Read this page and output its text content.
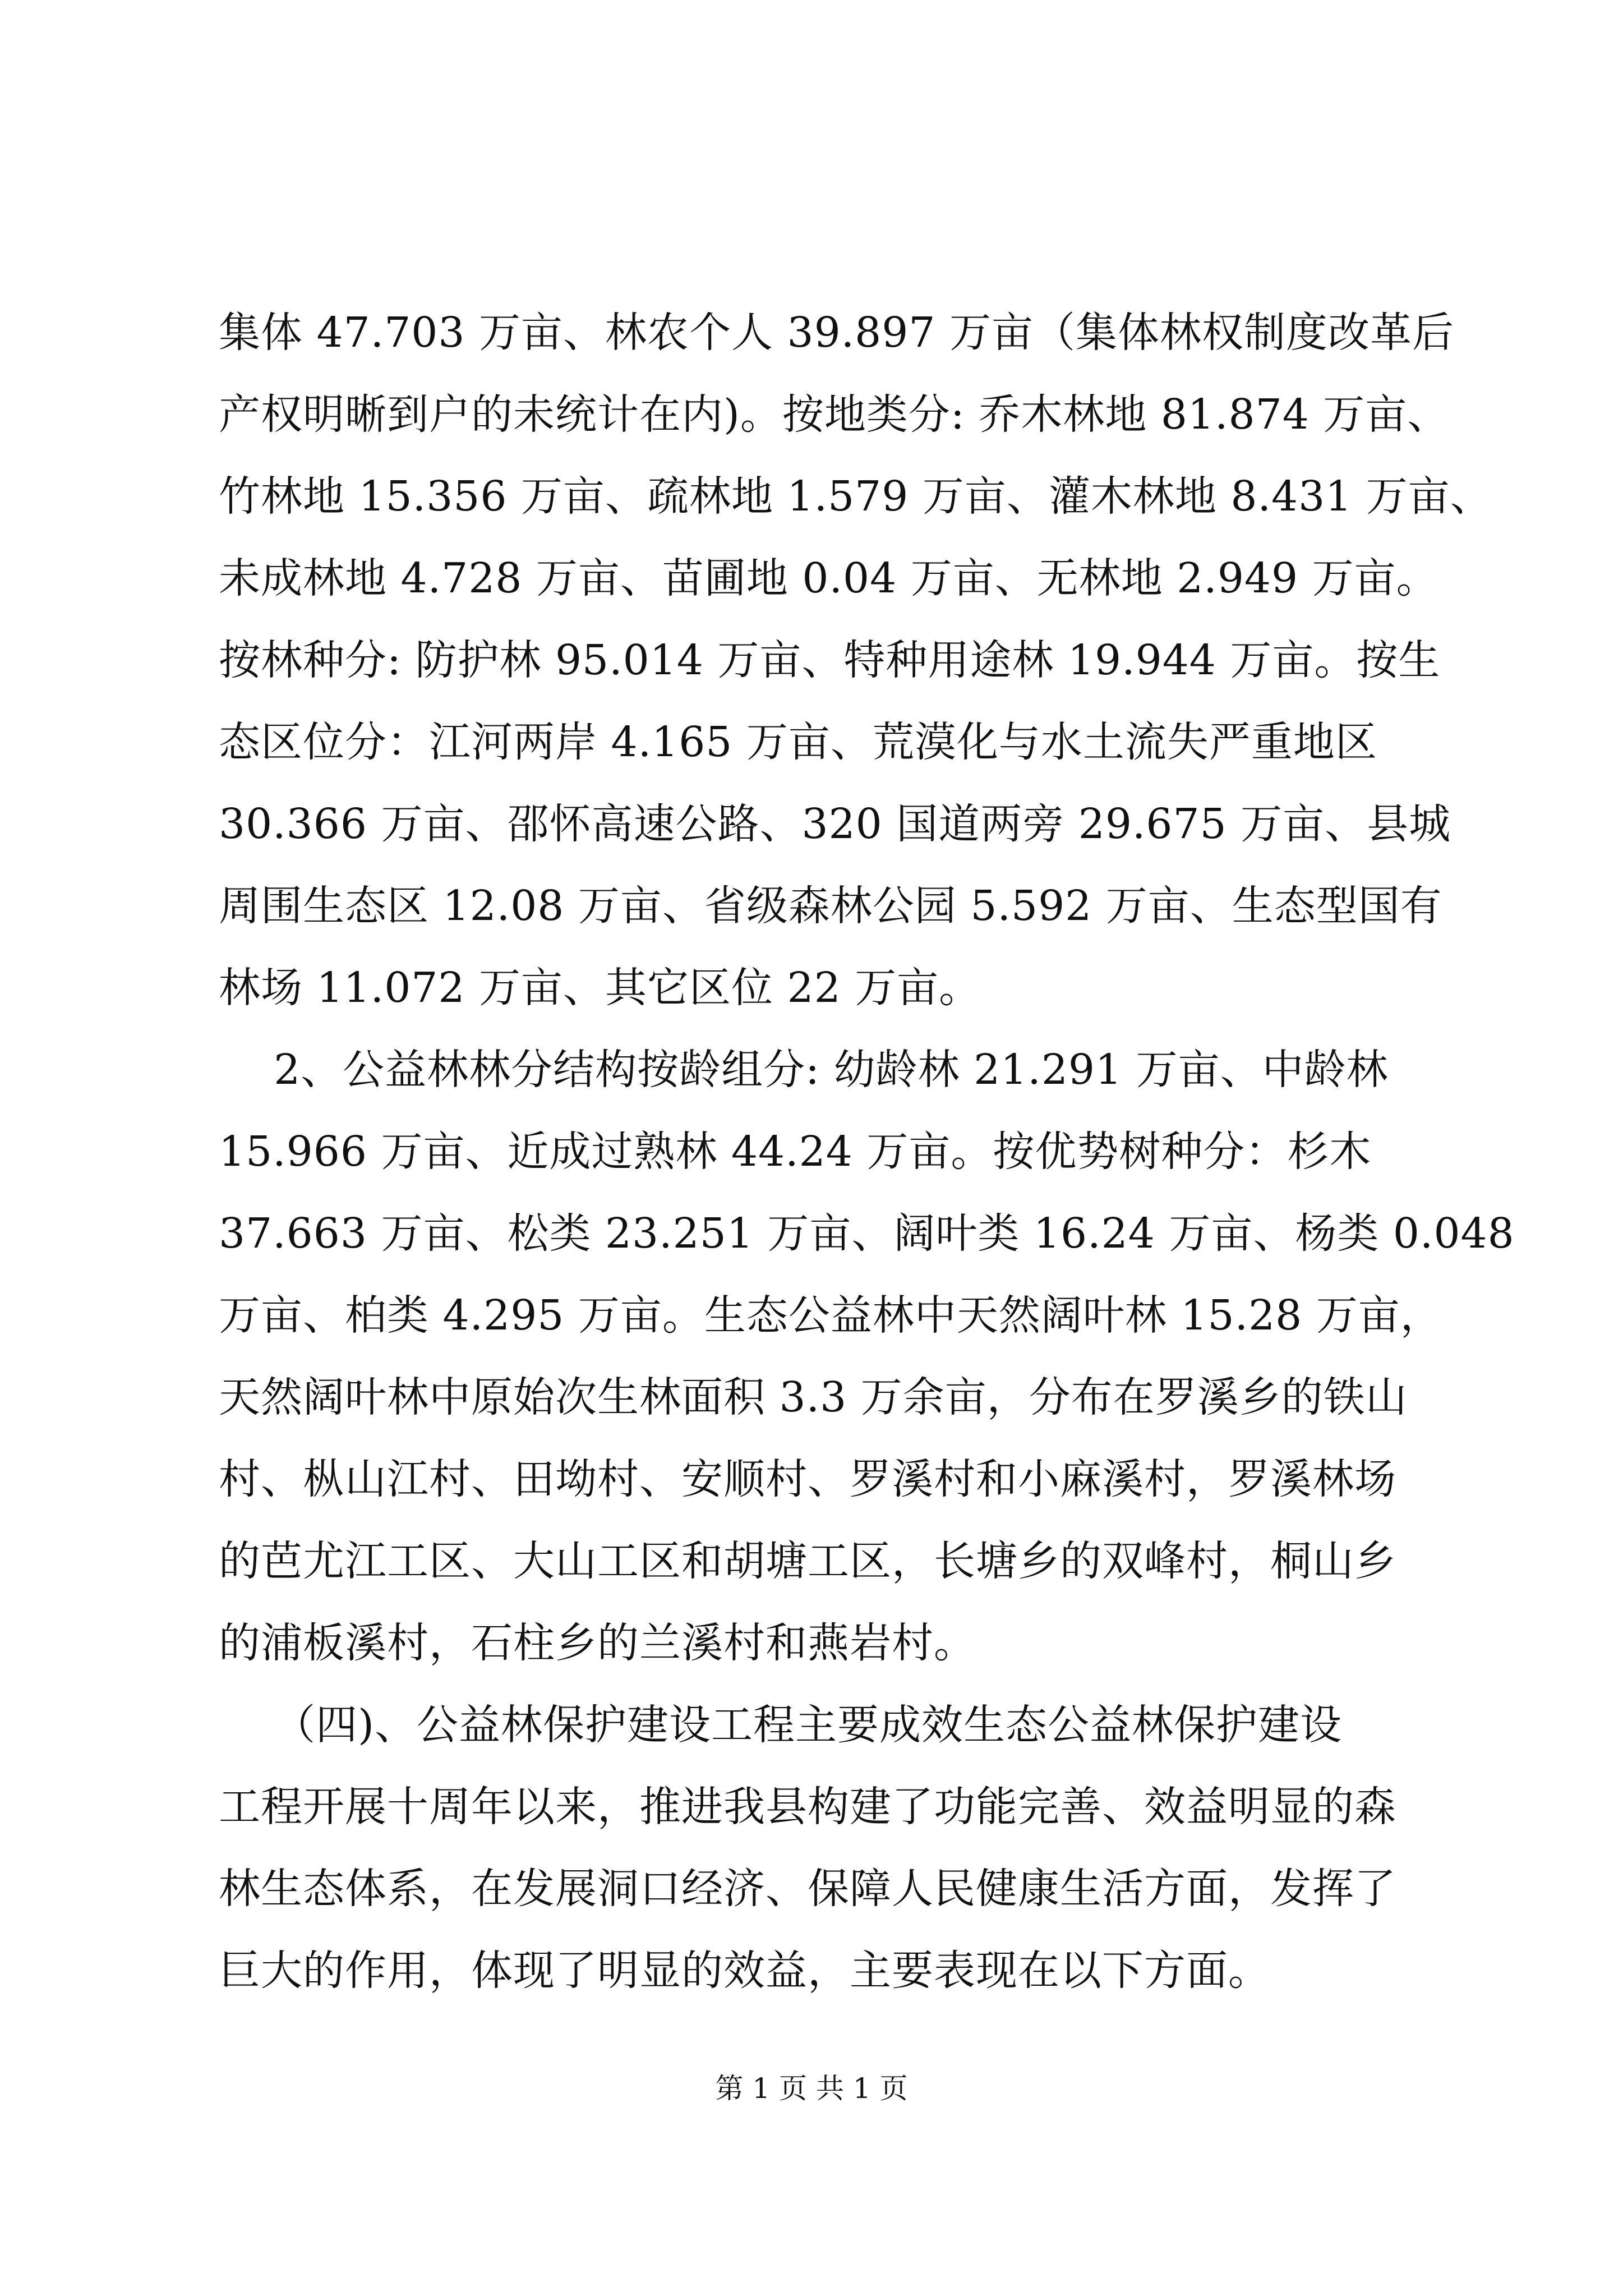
集体 47.703 万亩、林农个人 39.897 万亩（集体林权制度改革后
产权明晰到户的未统计在内)。按地类分: 乔木林地 81.874 万亩、
竹林地 15.356 万亩、疏林地 1.579 万亩、灌木林地 8.431 万亩、
未成林地 4.728 万亩、苗圃地 0.04 万亩、无林地 2.949 万亩。
按林种分: 防护林 95.014 万亩、特种用途林 19.944 万亩。按生
态区位分：江河两岸 4.165 万亩、荒漠化与水土流失严重地区
30.366 万亩、邵怀高速公路、320 国道两旁 29.675 万亩、县城
周围生态区 12.08 万亩、省级森林公园 5.592 万亩、生态型国有
林场 11.072 万亩、其它区位 22 万亩。
2、公益林林分结构按龄组分: 幼龄林 21.291 万亩、中龄林
15.966 万亩、近成过熟林 44.24 万亩。按优势树种分：杉木
37.663 万亩、松类 23.251 万亩、阔叶类 16.24 万亩、杨类 0.048
万亩、柏类 4.295 万亩。生态公益林中天然阔叶林 15.28 万亩，
天然阔叶林中原始次生林面积 3.3 万余亩，分布在罗溪乡的铁山
村、枞山江村、田坳村、安顺村、罗溪村和小麻溪村，罗溪林场
的芭尤江工区、大山工区和胡塘工区，长塘乡的双峰村，桐山乡
的浦板溪村，石柱乡的兰溪村和燕岩村。
（四)、公益林保护建设工程主要成效生态公益林保护建设
工程开展十周年以来，推进我县构建了功能完善、效益明显的森
林生态体系，在发展洞口经济、保障人民健康生活方面，发挥了
巨大的作用，体现了明显的效益，主要表现在以下方面。
第 1 页 共 1 页
